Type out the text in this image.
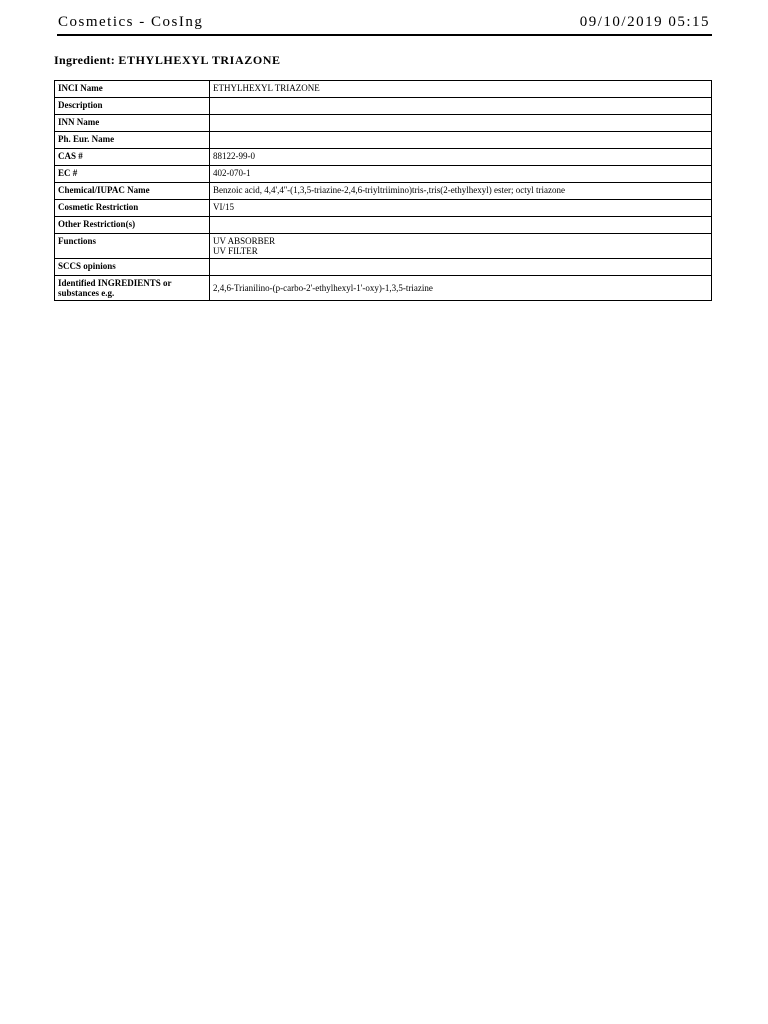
Cosmetics - CosIng	09/10/2019 05:15
Ingredient: ETHYLHEXYL TRIAZONE
INCI Name	ETHYLHEXYL TRIAZONE
Description	
INN Name	
Ph. Eur. Name	
CAS #	88122-99-0
EC #	402-070-1
Chemical/IUPAC Name	Benzoic acid, 4,4',4''-(1,3,5-triazine-2,4,6-triyltriimino)tris-,tris(2-ethylhexyl) ester; octyl triazone
Cosmetic Restriction	VI/15
Other Restriction(s)	
Functions	UV ABSORBER
UV FILTER

SCCS opinions	

Identified INGREDIENTS or
substances e.g.	2,4,6-Trianilino-(p-carbo-2'-ethylhexyl-1'-oxy)-1,3,5-triazine
